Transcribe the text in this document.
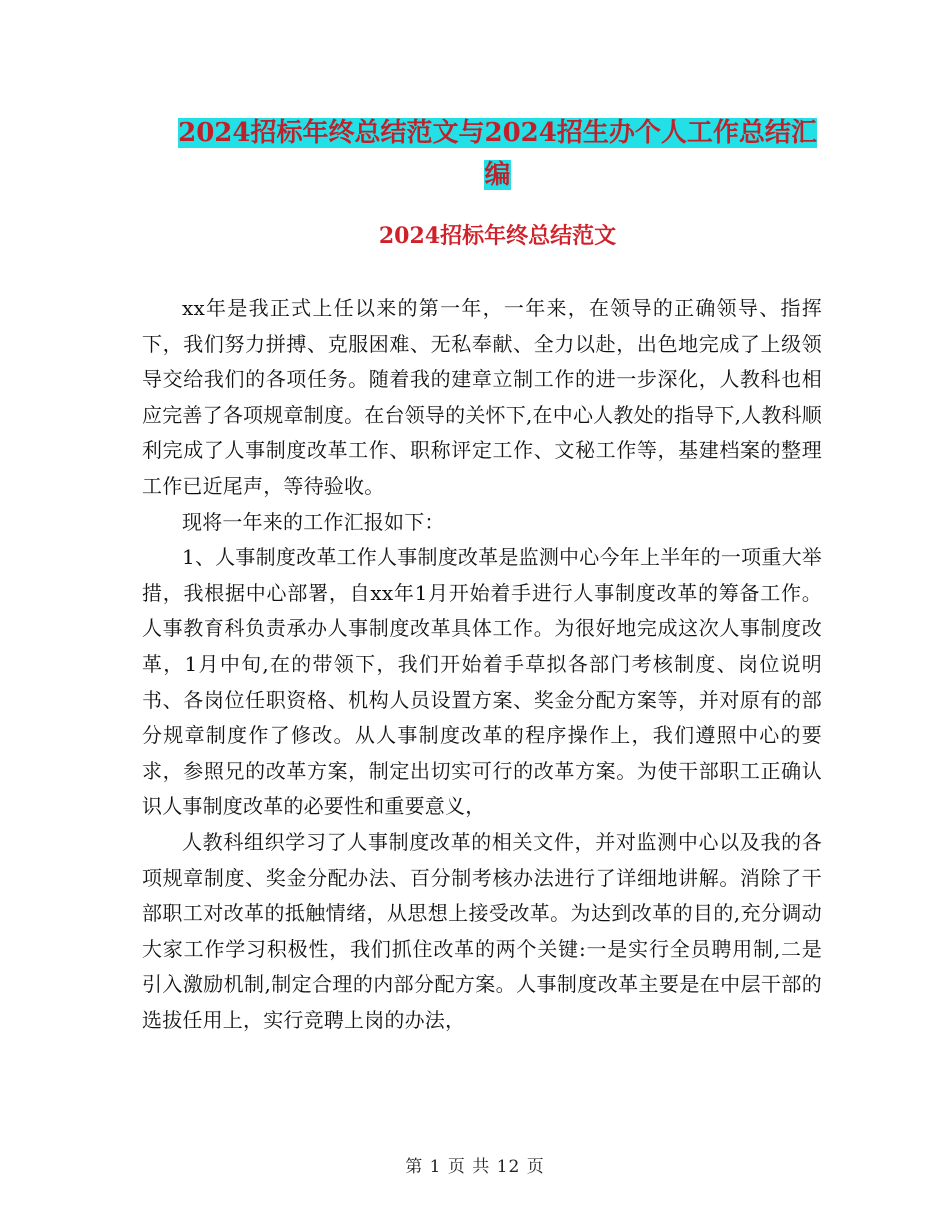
2024招标年终总结范文与2024招生办个人工作总结汇
编
2024招标年终总结范文

xx年是我正式上任以来的第一年，一年来，在领导的正确领导、指挥下，我们努力拼搏、克服困难、无私奉献、全力以赴，出色地完成了上级领导交给我们的各项任务。随着我的建章立制工作的进一步深化，人教科也相应完善了各项规章制度。在台领导的关怀下,在中心人教处的指导下,人教科顺利完成了人事制度改革工作、职称评定工作、文秘工作等，基建档案的整理工作已近尾声，等待验收。

现将一年来的工作汇报如下：

1、人事制度改革工作人事制度改革是监测中心今年上半年的一项重大举措，我根据中心部署，自xx年1月开始着手进行人事制度改革的筹备工作。人事教育科负责承办人事制度改革具体工作。为很好地完成这次人事制度改革，1月中旬,在的带领下，我们开始着手草拟各部门考核制度、岗位说明书、各岗位任职资格、机构人员设置方案、奖金分配方案等，并对原有的部分规章制度作了修改。从人事制度改革的程序操作上，我们遵照中心的要求，参照兄的改革方案，制定出切实可行的改革方案。为使干部职工正确认识人事制度改革的必要性和重要意义，

人教科组织学习了人事制度改革的相关文件，并对监测中心以及我的各项规章制度、奖金分配办法、百分制考核办法进行了详细地讲解。消除了干部职工对改革的抵触情绪，从思想上接受改革。为达到改革的目的,充分调动大家工作学习积极性，我们抓住改革的两个关键:一是实行全员聘用制,二是引入激励机制,制定合理的内部分配方案。人事制度改革主要是在中层干部的选拔任用上，实行竞聘上岗的办法，

第 1 页 共 12 页
